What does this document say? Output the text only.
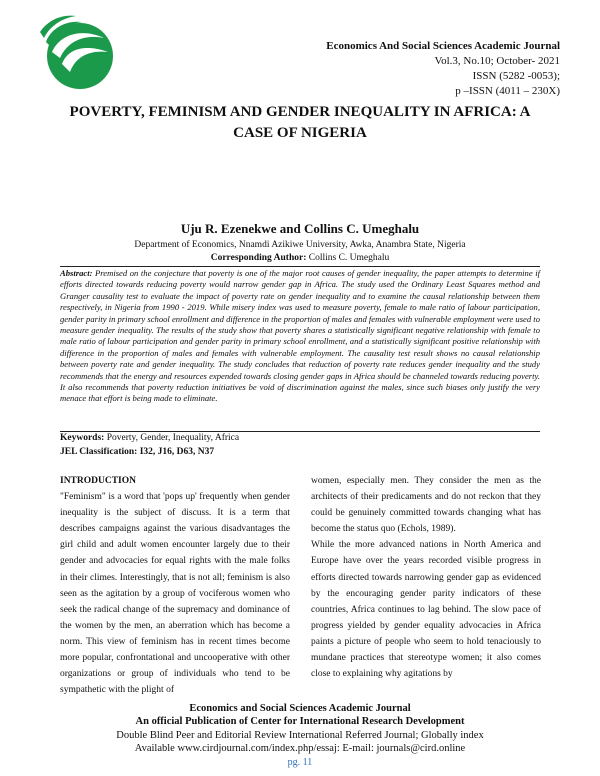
Economics And Social Sciences Academic Journal
Vol.3, No.10; October- 2021
ISSN (5282 -0053);
p –ISSN (4011 – 230X)
POVERTY, FEMINISM AND GENDER INEQUALITY IN AFRICA: A
CASE OF NIGERIA
Uju R. Ezenekwe and Collins C. Umeghalu
Department of Economics, Nnamdi Azikiwe University, Awka, Anambra State, Nigeria
Corresponding Author: Collins C. Umeghalu
Abstract: Premised on the conjecture that poverty is one of the major root causes of gender inequality, the paper attempts to determine if efforts directed towards reducing poverty would narrow gender gap in Africa. The study used the Ordinary Least Squares method and Granger causality test to evaluate the impact of poverty rate on gender inequality and to examine the causal relationship between them respectively, in Nigeria from 1990 - 2019. While misery index was used to measure poverty, female to male ratio of labour participation, gender parity in primary school enrollment and difference in the proportion of males and females with vulnerable employment were used to measure gender inequality. The results of the study show that poverty shares a statistically significant negative relationship with female to male ratio of labour participation and gender parity in primary school enrollment, and a statistically significant positive relationship with difference in the proportion of males and females with vulnerable employment. The causality test result shows no causal relationship between poverty rate and gender inequality. The study concludes that reduction of poverty rate reduces gender inequality and the study recommends that the energy and resources expended towards closing gender gaps in Africa should be channeled towards reducing poverty. It also recommends that poverty reduction initiatives be void of discrimination against the males, since such biases only justify the very menace that effort is being made to eliminate.
Keywords: Poverty, Gender, Inequality, Africa
JEL Classification: I32, J16, D63, N37
INTRODUCTION

"Feminism" is a word that 'pops up' frequently when gender inequality is the subject of discuss. It is a term that describes campaigns against the various disadvantages the girl child and adult women encounter largely due to their gender and advocacies for equal rights with the male folks in their climes. Interestingly, that is not all; feminism is also seen as the agitation by a group of vociferous women who seek the radical change of the supremacy and dominance of the women by the men, an aberration which has become a norm. This view of feminism has in recent times become more popular, confrontational and uncooperative with other organizations or group of individuals who tend to be sympathetic with the plight of

women, especially men. They consider the men as the architects of their predicaments and do not reckon that they could be genuinely committed towards changing what has become the status quo (Echols, 1989).

While the more advanced nations in North America and Europe have over the years recorded visible progress in efforts directed towards narrowing gender gap as evidenced by the encouraging gender parity indicators of these countries, Africa continues to lag behind. The slow pace of progress yielded by gender equality advocacies in Africa paints a picture of people who seem to hold tenaciously to mundane practices that stereotype women; it also comes close to explaining why agitations by

Economics and Social Sciences Academic Journal
An official Publication of Center for International Research Development
Double Blind Peer and Editorial Review International Referred Journal; Globally index
Available www.cirdjournal.com/index.php/essaj: E-mail: journals@cird.online
pg. 11
